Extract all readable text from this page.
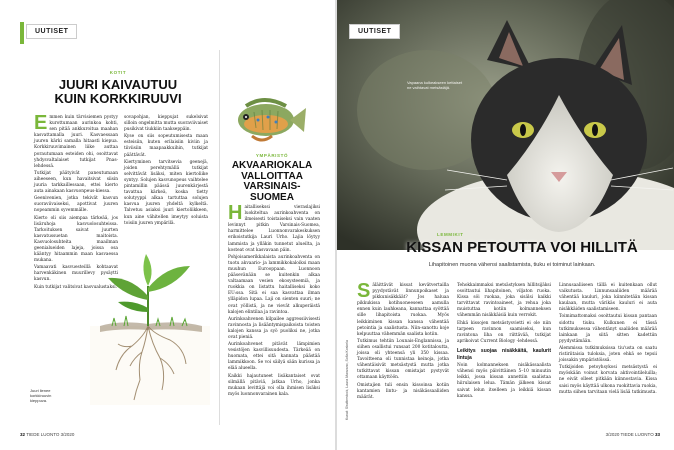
UUTISET
KOTIT
JUURI KAIVAUTUU
KUIN KORKKIRUUVI

Emmen kuin tärvisiemen pystyy kurottumaan aurinkoa kohti, sen pitää ankkuroitua maahan kasvattamalla juuri. Kasvaessaan juuren kärki samalla hitaasti kiepua. Korkkiruuvimainen liike auttaa porautumaan esteiden ohi, osoittavat yhdysvaltalaiset tutkijat Pnas-lehdessä.

Tutkijat päätyivät paneutumaan aiheeseen, kun havaitsivat siisin juuria tarkkaillessaan, ettei kierto auta ainakaan kasvuonpeus-kiessa.

Geenivenien, jotka tekivät kasvun suoraviivaiseksi, apottivat juuren nopeammin syvemmälle.

Kierto oli siis aiempaa tärkeää, jos lisäruhoja kasvuolosuhteissa. Tarkoituksen saivat juurten kasvatussuetan maitoista. Kasvuolosuhteita maailman geenialueiden lajeja, joissa osa kääntyy hitaammin maan kasvaessa mukana.

Vamaavati kasvuesteillä kohtaavat harvenkäkinen muurillevy pysäytti kasvun.

Kuin tutkijat valitsivat kasvualustaksi.

sovapohjan, kieppujat sukelsivat silloin ongelmitta mutta suoraviivaiset pusikivat tiukkiin taakseppäin.

Kyse on siis sopeutumisesta maan esteisiin, kuten erilaisiin kiviin ja tiiviisiin maapaakkuihin, tutkijat päättävät.

Kiertyminen tarvitsevia geenejä, joiden perehtymällä tutkijat selvittävät lisäksi, miten kiertoliike syntyy. Solujen kasvunopeus vaihtelee pintamillin päässä juurenkärjestä tavattua kärkeä, koska tietty solutyyppi alkaa tartuttaa solujen kasvua juuren yhdeltä kylkeltä. Talvetuu asiaksi juuri kiertoliikkeen, kun aine vähitellen imeytyy soluista toisiin juuren ympärilä.

Juuri lienee korkkiruuvin kieppuva.
YMPÄRISTÖ
AKVAARIOKALA
VALLOITTAA
VARSINAIS-SUOMEA

Haitallisekssi vieraslajiksi luokiteltua aurinkoahventa on ilmeisesti toistaiseksi vain vaaten levinnyt pitkin Varsinais-Suomea, harmittelee Luonnonvarakeskuksen erikoistutkija Lauri Urho. Lajia löytyy lammista ja ylläkin tunnetut alueilta, ja kosteat ovat kasvavaan päin.

Pohjoisamerikkalaista aurinkoahventa on tuotu akvaario- ja lammikkokaloiksi maan muuhun Eurooppaan. Luonnoon pääsevänään se kuitenkin alkaa valtaamaan vesien ekosysteemiä, ja ruokkia on listattu haitalliseksi koko EU:ssa. Sitä ei saa kasvattaa ilman ylläpidon lupaa. Laji on sienten suuri; ne ovat yöllistä, ja ne vievät alkuperäistä kalojen elintilaa ja ravintoa.

Aurinkoahvenen kilpailee aggressiivisesti ravinnosta ja lisääntymispaikoista toisten kalojen kanssa ja syö puoliksi ne, jotka ovat pieniä.

Aurinkoahvenet pitävät lämpimien vesistöjen kasvillisuudesta. Tärkeää on huomata, ettei sitä kannata päästää lammikkoon. Se voi säilyä sään kurissa ja elää alueella.

Kaikki hajautuneet lisäkantaiset ovat silmällä pitäviä, jatkaa Urho, jonka mukaan levittäjä voi olla ihmisen lisäksi myös luonnonvarainen kala.

32 TIEDE LUONTO 3/2020
UUTISET
Vapaana kulkeakseen kettaiset ne vaihtavat metsästäjä.
LEMMIKIT
KISSAN PETOUTTA VOI HILLITÄ
Lihapitoinen muona vähensi saalistamista, tiuku ei toiminut lainkaan.
Kuvat: Shutterstock, Laura Manzano, Sofia Koskela

Säläittävät kissat kevätvertailla pyydystävät linnunpoikaset ja pikkunisäkkäät? Jos haluaa pikkukissa kotihuoneeseen aamulla ennen kuin lauhkeana, kannattaa syöttää sille lihapitoista ruokaa. Myös leikkiminen kissan kanssa vähentää petointia ja saalistusta. Niin-sanottu koje kelpuuttaa vähemmän saalista kotiin.

Tutkimus tehtiin Lounais-Englannissa, ja siihen osallistui runsaat 200 kotitaloutta, joissa oli yhteensä yli 350 kissaa. Tavoitteena oli tunnistaa keinoja, jotka vähentäisivät metsästystä mutta jotka tutkittavat kissan omistajat pystyvät ottamaan käyttöön.

Omistajien tuli ensin kissoinsa kotiin kantamien lintu- ja nisäkässaaliiden määrät.

Tehokkaimmaksi metsästyksen hillitsijäksi osoittautui lihapitoinen, viljaton ruoka. Kissa söi ruokaa, joka sisälsi kaikki tarvittavat ravintoaineet, ja rehua joka muistuttaa kotiin kolmanneksen vähemmän nisäkkäisiä kuin verrokit.

Ehkä kissojen metsästysvietti ei ole niin tarpeen ravinnon saamiseksi, kun ravintona liha on riittävää, tutkijat aprikoivat Current Biology -lehdessä.

Leikitys suojaa nisäkkäitä, kaulurit lintuja

Noin kolmanneksen nisäkässaalista vähensi myös päivittäinen 5–10 minuutin leikki, jossa kissan annettiin saalistaa hiirulaisen lelua. Tämän jälkeen kissat saivat lelun itselleen ja leikkiä kissan kanssa.

Linnusaaliiseen tällä ei kuitenkaan ollut vaikutusta. Linnunsaaliiden määrää vähentää kauluri, joka kiinnitetään kissan kaulaan, mutta värikäs kauluri ei auta nisäkkäiden saalistamiseen.

Toimimattomaksi osoittautui kissan pantaan sidottu tiuku. Kulkunen ei tässä tutkimuksessa vähentänyt saaliiden määrää lainkaan ja siitä sitten kadettiin pyydystämään.

Alemmissa tutkimuksissa tiu'usta on saatu ristiriitaisia tuloksia, joten ehkä se tepsii joissakin ympäristöissä.

Tutkijoiden petoyhsykosi metsästystä ei myöskään voinut korvata aktivointileluilla; ne eivät olleet pitkään kiinnostavia. Kissa saisi myös käyttää ulkona ruokittavia ruokia, mutta siihen tarvitaan vielä lisää tutkimusta.

3/2020 TIEDE LUONTO 33
